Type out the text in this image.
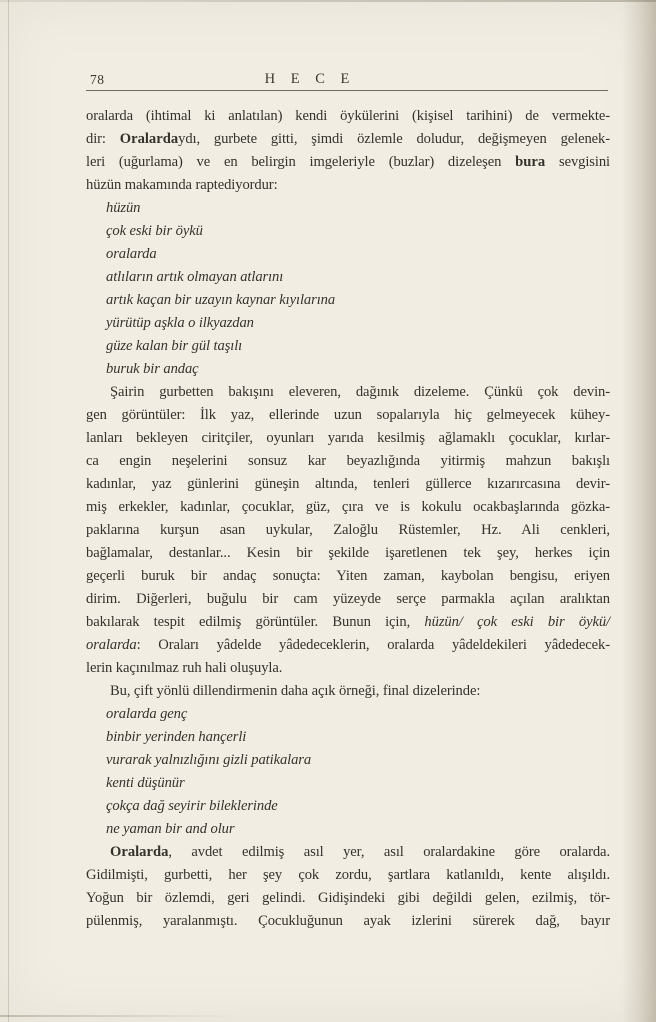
78	H E C E

oralarda (ihtimal ki anlatılan) kendi öykülerini (kişisel tarihini) de vermekte-
dir: Oralardaydı, gurbete gitti, şimdi özlemle doludur, değişmeyen gelenek-
leri (uğurlama) ve en belirgin imgeleriyle (buzlar) dizeleşen bura sevgisini
hüzün makamında raptediyordur:

hüzün
çok eski bir öykü
oralarda
atlıların artık olmayan atlarını
artık kaçan bir uzayın kaynar kıyılarına
yürütüp aşkla o ilkyazdan
güze kalan bir gül taşılı
buruk bir andaç

Şairin gurbetten bakışını eleveren, dağınık dizeleme. Çünkü çok devin-
gen görüntüler: İlk yaz, ellerinde uzun sopalarıyla hiç gelmeyecek kühey-
lanları bekleyen ciritçiler, oyunları yarıda kesilmiş ağlamaklı çocuklar, kırlar-
ca engin neşelerini sonsuz kar beyazlığında yitirmiş mahzun bakışlı
kadınlar, yaz günlerini güneşin altında, tenleri güllerce kızarırcasına devir-
miş erkekler, kadınlar, çocuklar, güz, çıra ve is kokulu ocakbaşlarında gözka-
paklarına kurşun asan uykular, Zaloğlu Rüstemler, Hz. Ali cenkleri,
bağlamalar, destanlar... Kesin bir şekilde işaretlenen tek şey, herkes için
geçerli buruk bir andaç sonuçta: Yiten zaman, kaybolan bengisu, eriyen
dirim. Diğerleri, buğulu bir cam yüzeyde serçe parmakla açılan aralıktan
bakılarak tespit edilmiş görüntüler. Bunun için, hüzün/ çok eski bir öykü/
oralarda: Oraları yâdelde yâdedeceklerin, oralarda yâdeldekileri yâdedecek-
lerin kaçınılmaz ruh hali oluşuyla.

Bu, çift yönlü dillendirmenin daha açık örneği, final dizelerinde:

oralarda genç
binbir yerinden hançerli
vurarak yalnızlığını gizli patikalara
kenti düşünür
çokça dağ seyirir bileklerinde
ne yaman bir and olur

Oralarda, avdet edilmiş asıl yer, asıl oralardakine göre oralarda.
Gidilmişti, gurbetti, her şey çok zordu, şartlara katlanıldı, kente alışıldı.
Yoğun bir özlemdi, geri gelindi. Gidişindeki gibi değildi gelen, ezilmiş, tör-
pülenmiş, yaralanmıştı. Çocukluğunun ayak izlerini sürerek dağ, bayır
